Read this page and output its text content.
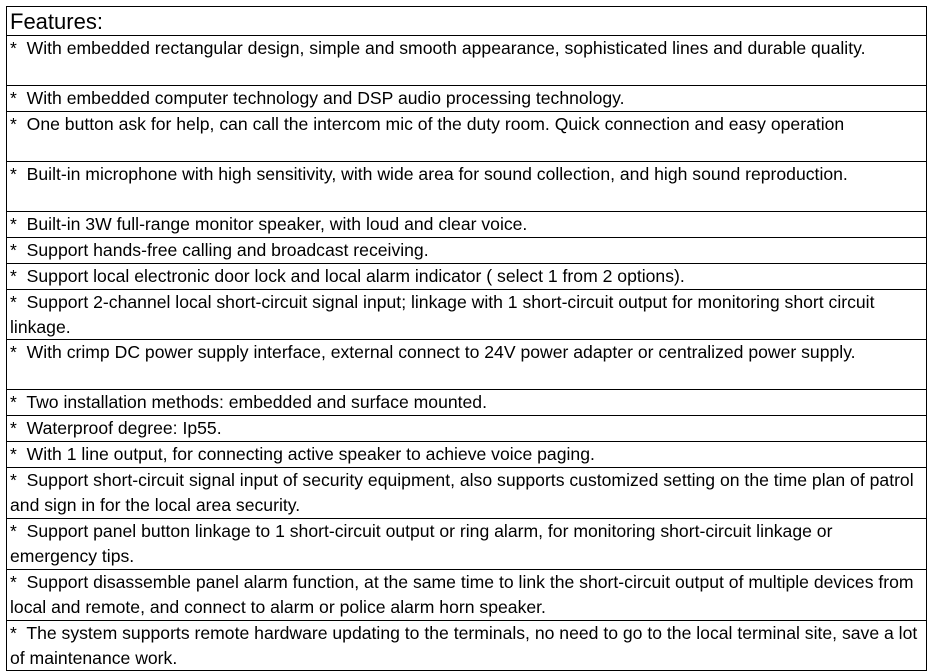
Features:
* With embedded rectangular design, simple and smooth appearance, sophisticated lines and durable quality.
* With embedded computer technology and DSP audio processing technology.
* One button ask for help, can call the intercom mic of the duty room. Quick connection and easy operation
* Built-in microphone with high sensitivity, with wide area for sound collection, and high sound reproduction.
* Built-in 3W full-range monitor speaker, with loud and clear voice.
* Support hands-free calling and broadcast receiving.
* Support local electronic door lock and local alarm indicator ( select 1 from 2 options).
* Support 2-channel local short-circuit signal input; linkage with 1 short-circuit output for monitoring short circuit linkage.
* With crimp DC power supply interface, external connect to 24V power adapter or centralized power supply.
* Two installation methods: embedded and surface mounted.
* Waterproof degree: Ip55.
* With 1 line output, for connecting active speaker to achieve voice paging.
* Support short-circuit signal input of security equipment, also supports customized setting on the time plan of patrol and sign in for the local area security.
* Support panel button linkage to 1 short-circuit output or ring alarm, for monitoring short-circuit linkage or emergency tips.
* Support disassemble panel alarm function, at the same time to link the short-circuit output of multiple devices from local and remote, and connect to alarm or police alarm horn speaker.
* The system supports remote hardware updating to the terminals, no need to go to the local terminal site, save a lot of maintenance work.
